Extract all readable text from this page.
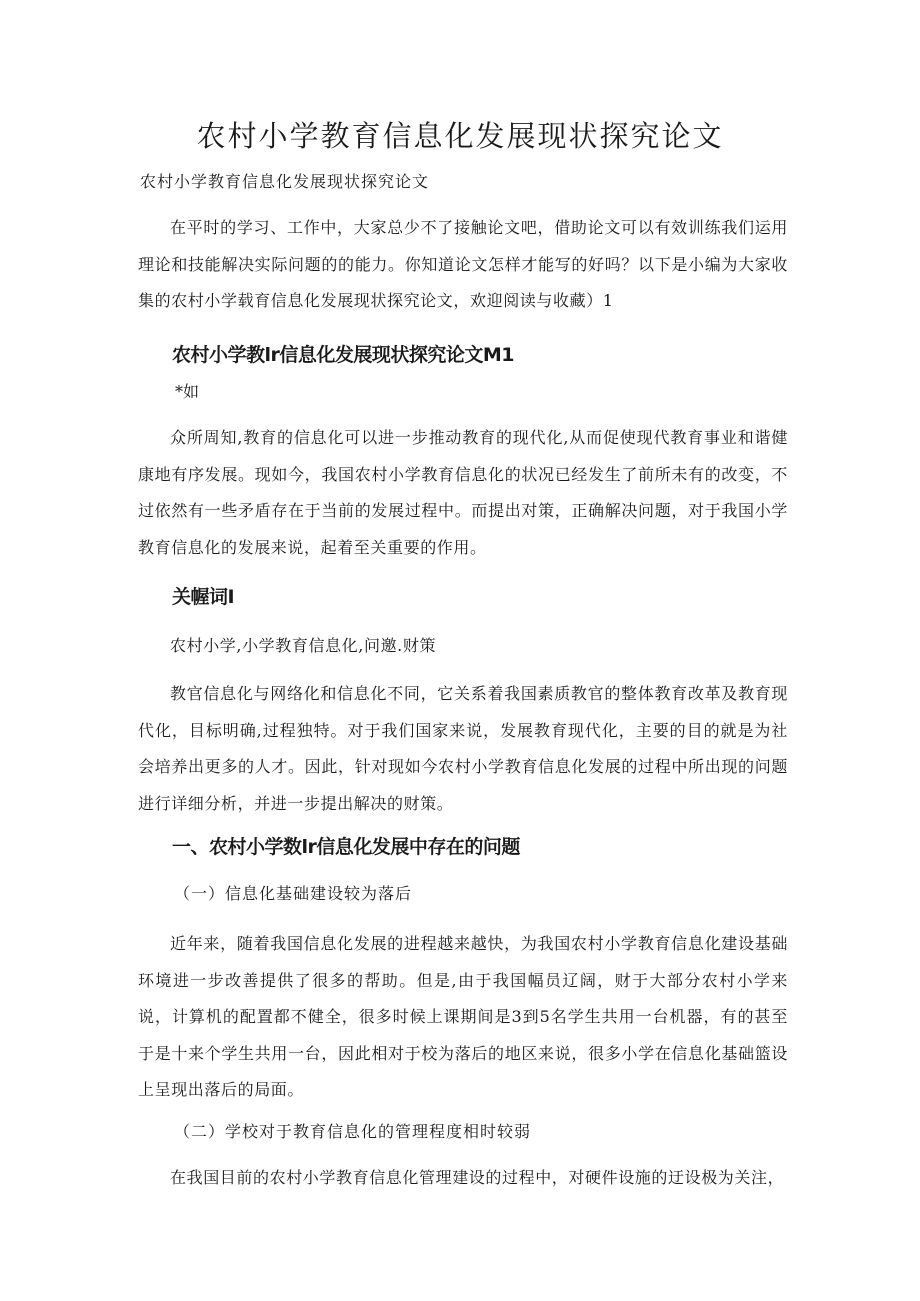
农村小学教育信息化发展现状探究论文

农村小学教育信息化发展现状探究论文

在平时的学习、工作中，大家总少不了接触论文吧，借助论文可以有效训练我们运用理论和技能解决实际问题的的能力。你知道论文怎样才能写的好吗？以下是小编为大家收集的农村小学载育信息化发展现状探究论文，欢迎阅读与收藏）1

农村小学教lr信息化发展现状探究论文M1

*如

众所周知,教育的信息化可以进一步推动教育的现代化,从而促使现代教育事业和谐健康地有序发展。现如今，我国农村小学教育信息化的状况已经发生了前所未有的改变，不过依然有一些矛盾存在于当前的发展过程中。而提出对策，正确解决问题，对于我国小学教育信息化的发展来说，起着至关重要的作用。

关幄词I

农村小学,小学教育信息化,问邀.财策

教官信息化与网络化和信息化不同，它关系着我国素质教官的整体教育改革及教育现代化，目标明确,过程独特。对于我们国家来说，发展教育现代化，主要的目的就是为社会培养出更多的人才。因此，针对现如今农村小学教育信息化发展的过程中所出现的问题进行详细分析，并进一步提出解决的财策。

一、农村小学数lr信息化发展中存在的问题

（一）信息化基础建设较为落后

近年来，随着我国信息化发展的进程越来越快，为我国农村小学教育信息化建设基础环境进一步改善提供了很多的帮助。但是,由于我国幅员辽阔，财于大部分农村小学来说，计算机的配置都不健全，很多时候上课期间是3到5名学生共用一台机器，有的甚至于是十来个学生共用一台，因此相对于校为落后的地区来说，很多小学在信息化基础篮设上呈现出落后的局面。

（二）学校对于教育信息化的管理程度相时较弱

在我国目前的农村小学教育信息化管理建设的过程中，对硬件设施的迂设极为关注，
